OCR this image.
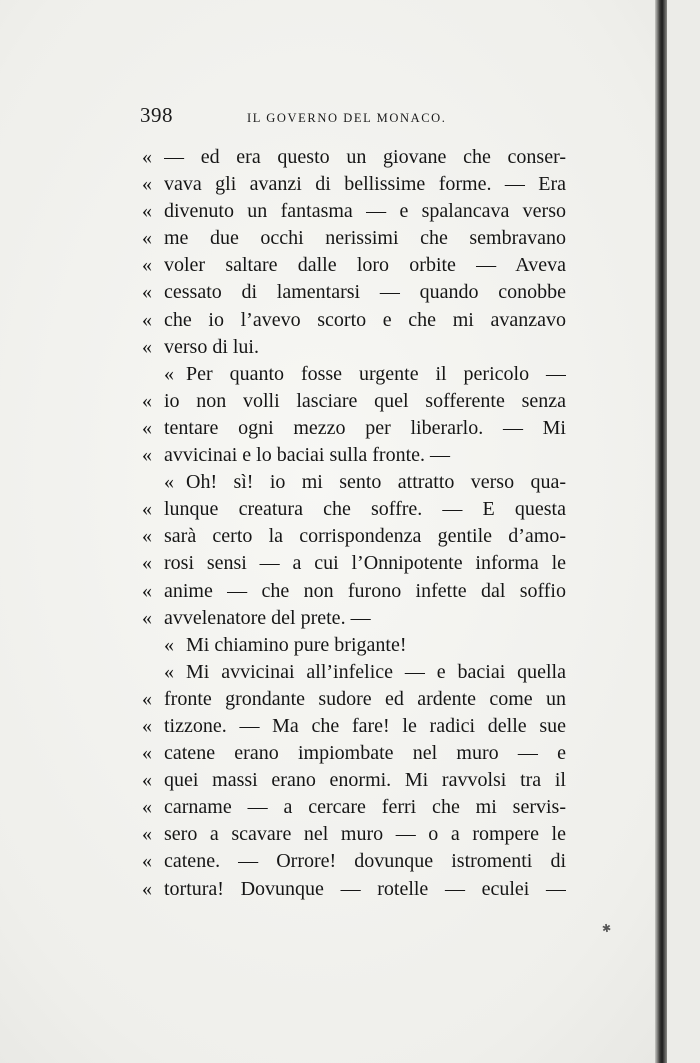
398	IL GOVERNO DEL MONACO.
« — ed era questo un giovane che conser-
« vava gli avanzi di bellissime forme. — Era
« divenuto un fantasma — e spalancava verso
« me due occhi nerissimi che sembravano
« voler saltare dalle loro orbite — Aveva
« cessato di lamentarsi — quando conobbe
« che io l’avevo scorto e che mi avanzavo
« verso di lui.
« Per quanto fosse urgente il pericolo —
« io non volli lasciare quel sofferente senza
« tentare ogni mezzo per liberarlo. — Mi
« avvicinai e lo baciai sulla fronte. —
« Oh! sì! io mi sento attratto verso qua-
« lunque creatura che soffre. — E questa
« sarà certo la corrispondenza gentile d’amo-
« rosi sensi — a cui l’Onnipotente informa le
« anime — che non furono infette dal soffio
« avvelenatore del prete. —
« Mi chiamino pure brigante!
« Mi avvicinai all’infelice — e baciai quella
« fronte grondante sudore ed ardente come un
« tizzone. — Ma che fare! le radici delle sue
« catene erano impiombate nel muro — e
« quei massi erano enormi. Mi ravvolsi tra il
« carname — a cercare ferri che mi servis-
« sero a scavare nel muro — o a rompere le
« catene. — Orrore! dovunque istromenti di
« tortura! Dovunque — rotelle — eculei —
✱
